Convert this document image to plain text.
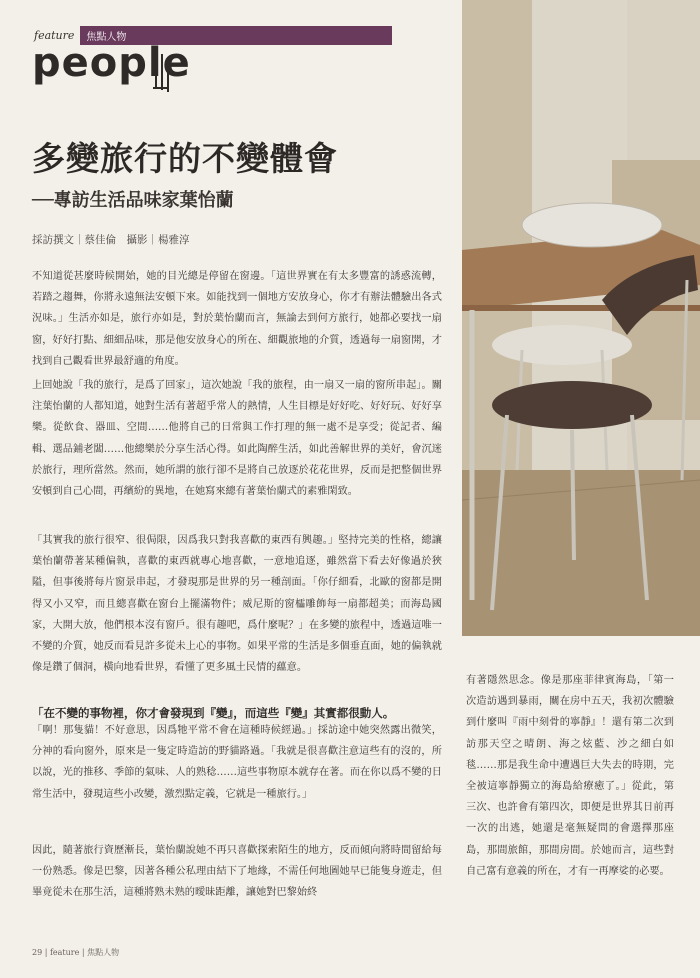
feature	焦點人物
people
多變旅行的不變體會
──專訪生活品味家葉怡蘭
採訪撰文｜蔡佳倫　攝影｜楊雅淳

不知道從甚麼時候開始，她的目光總是停留在窗邊。「這世界實在有太多豐富的誘惑流轉，若踏之趨舞，你將永遠無法安頓下來。如能找到一個地方安放身心，你才有辦法體驗出各式況味。」生活亦如是，旅行亦如是，對於葉怡蘭而言，無論去到何方旅行，她都必要找一扇窗，好好打點、細細品味，那是他安放身心的所在、細觀旅地的介質，透過每一扇窗開，才找到自己觀看世界最舒適的角度。

上回她說「我的旅行，是爲了回家」，這次她說「我的旅程，由一扇又一扇的窗所串起」。關注葉怡蘭的人都知道，她對生活有著超乎常人的熱情，人生目標是好好吃、好好玩、好好享樂。從飲食、器皿、空間……他將自己的日常與工作打理的無一處不是享受；從記者、編輯、選品鋪老闆……他總樂於分享生活心得。如此陶醉生活，如此善解世界的美好，會沉迷於旅行，理所當然。然而，她所謂的旅行卻不是將自己放逐於花花世界，反而是把整個世界安頓到自己心間，再繽紛的異地，在她寫來總有著葉怡蘭式的素雅閑致。

「其實我的旅行很窄、很侷限，因爲我只對我喜歡的東西有興趣。」堅持完美的性格，總讓葉怡蘭帶著某種偏執，喜歡的東西就專心地喜歡，一意地追逐，雖然當下看去好像過於狹隘，但事後將每片窗景串起，才發現那是世界的另一種剖面。「你仔細看，北歐的窗都是開得又小又窄，而且總喜歡在窗台上擺滿物件；威尼斯的窗櫺雕飾每一扇都超美；而海島國家，大開大放，他們根本沒有窗戶。很有趣吧，爲什麼呢？」在多變的旅程中，透過這唯一不變的介質，她反而看見許多從未上心的事物。如果平常的生活是多個垂直面，她的偏執就像是鑽了個洞，橫向地看世界，看懂了更多風土民情的蘊意。

「在不變的事物裡，你才會發現到『變』，而這些『變』其實都很動人。

「啊！那隻貓！不好意思，因爲牠平常不會在這種時候經過。」採訪途中她突然露出微笑，分神的看向窗外，原來是一隻定時造訪的野貓路過。「我就是很喜歡注意這些有的沒的，所以說，光的推移、季節的氣味、人的熟稔……這些事物原本就存在著。而在你以爲不變的日常生活中，發現這些小改變，激烈點定義，它就是一種旅行。」

因此，隨著旅行資歷漸長，葉怡蘭說她不再只喜歡探索陌生的地方，反而傾向將時間留給每一份熟悉。像是巴黎，因著各種公私理由結下了地緣，不需任何地圖她早已能隻身遊走，但畢竟從未在那生活，這種將熟未熟的曖昧距離，讓她對巴黎始終

有著隱然思念。像是那座菲律賓海島，「第一次造訪遇到暴雨，關在房中五天，我初次體驗到什麼叫『雨中刻骨的寧靜』！還有第二次到訪那天空之晴朗、海之炫藍、沙之細白如毯……那是我生命中遭遇巨大失去的時期，完全被這寧靜獨立的海島給療癒了。」從此，第三次、也許會有第四次，即便是世界其日前再一次的出逃，她還是毫無疑問的會選擇那座島，那間旅館，那間房間。於她而言，這些對自己富有意義的所在，才有一再摩娑的必要。

29 | feature | 焦點人物
